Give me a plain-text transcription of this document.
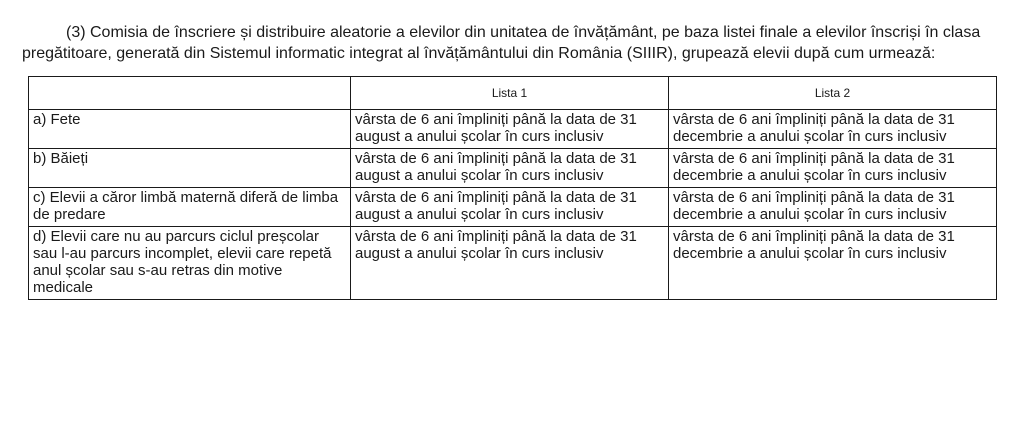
(3) Comisia de înscriere și distribuire aleatorie a elevilor din unitatea de învățământ, pe baza listei finale a elevilor înscriși în clasa pregătitoare, generată din Sistemul informatic integrat al învățământului din România (SIIIR), grupează elevii după cum urmează:

	Lista 1	Lista 2
a) Fete	vârsta de 6 ani împliniți până la data de 31 august a anului școlar în curs inclusiv	vârsta de 6 ani împliniți până la data de 31 decembrie a anului școlar în curs inclusiv
b) Băieți	vârsta de 6 ani împliniți până la data de 31 august a anului școlar în curs inclusiv	vârsta de 6 ani împliniți până la data de 31 decembrie a anului școlar în curs inclusiv
c) Elevii a căror limbă maternă diferă de limba de predare	vârsta de 6 ani împliniți până la data de 31 august a anului școlar în curs inclusiv	vârsta de 6 ani împliniți până la data de 31 decembrie a anului școlar în curs inclusiv
d) Elevii care nu au parcurs ciclul preșcolar sau l-au parcurs incomplet, elevii care repetă anul școlar sau s-au retras din motive medicale	vârsta de 6 ani împliniți până la data de 31 august a anului școlar în curs inclusiv	vârsta de 6 ani împliniți până la data de 31 decembrie a anului școlar în curs inclusiv
